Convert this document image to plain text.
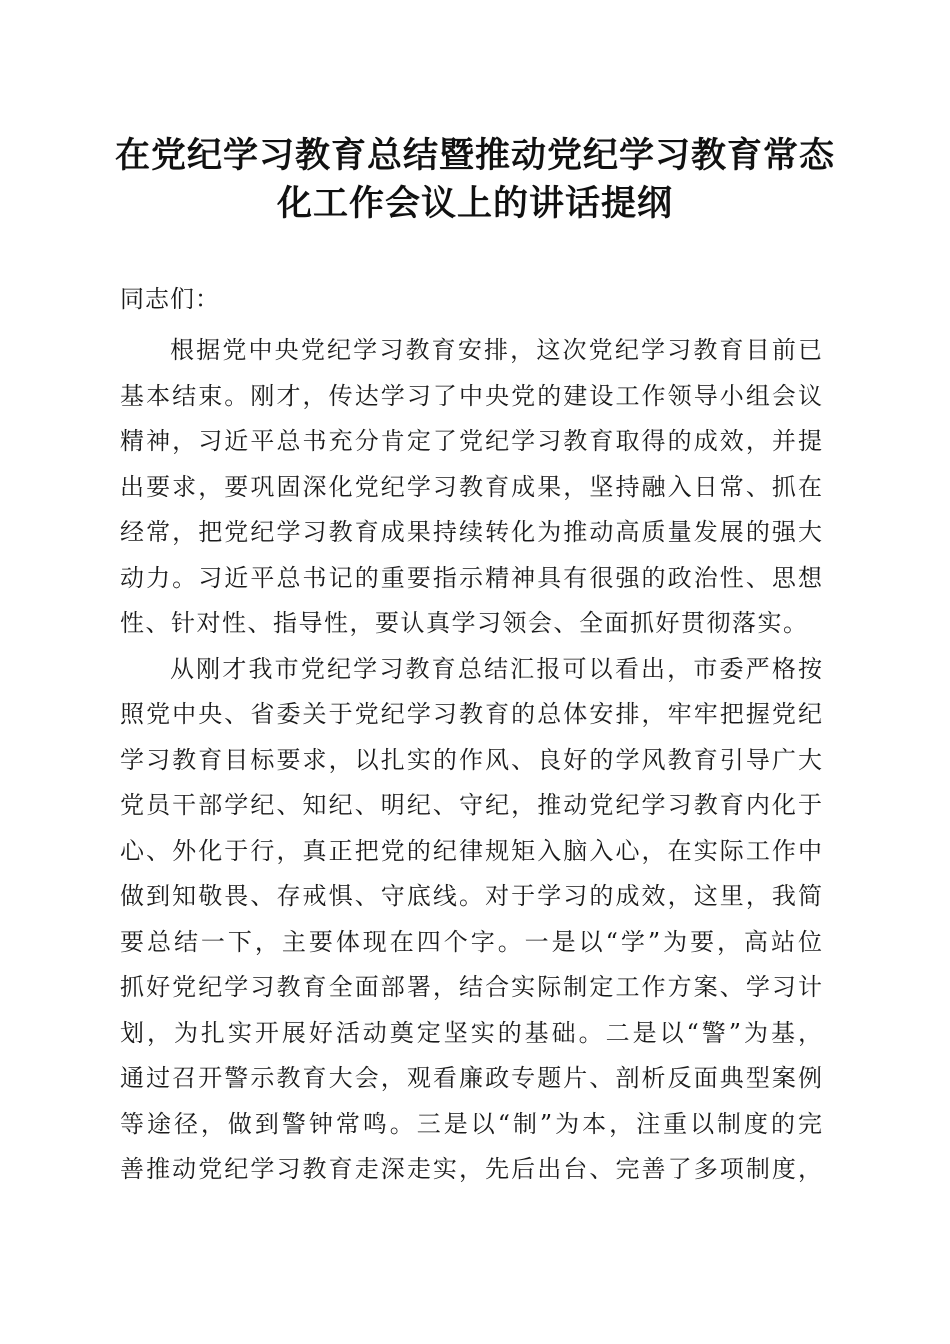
在党纪学习教育总结暨推动党纪学习教育常态
化工作会议上的讲话提纲
同志们：
根据党中央党纪学习教育安排，这次党纪学习教育目前已
基本结束。刚才，传达学习了中央党的建设工作领导小组会议
精神，习近平总书充分肯定了党纪学习教育取得的成效，并提
出要求，要巩固深化党纪学习教育成果，坚持融入日常、抓在
经常，把党纪学习教育成果持续转化为推动高质量发展的强大
动力。习近平总书记的重要指示精神具有很强的政治性、思想
性、针对性、指导性，要认真学习领会、全面抓好贯彻落实。
从刚才我市党纪学习教育总结汇报可以看出，市委严格按
照党中央、省委关于党纪学习教育的总体安排，牢牢把握党纪
学习教育目标要求，以扎实的作风、良好的学风教育引导广大
党员干部学纪、知纪、明纪、守纪，推动党纪学习教育内化于
心、外化于行，真正把党的纪律规矩入脑入心，在实际工作中
做到知敬畏、存戒惧、守底线。对于学习的成效，这里，我简
要总结一下，主要体现在四个字。一是以“学”为要，高站位
抓好党纪学习教育全面部署，结合实际制定工作方案、学习计
划，为扎实开展好活动奠定坚实的基础。二是以“警”为基，
通过召开警示教育大会，观看廉政专题片、剖析反面典型案例
等途径，做到警钟常鸣。三是以“制”为本，注重以制度的完
善推动党纪学习教育走深走实，先后出台、完善了多项制度，
